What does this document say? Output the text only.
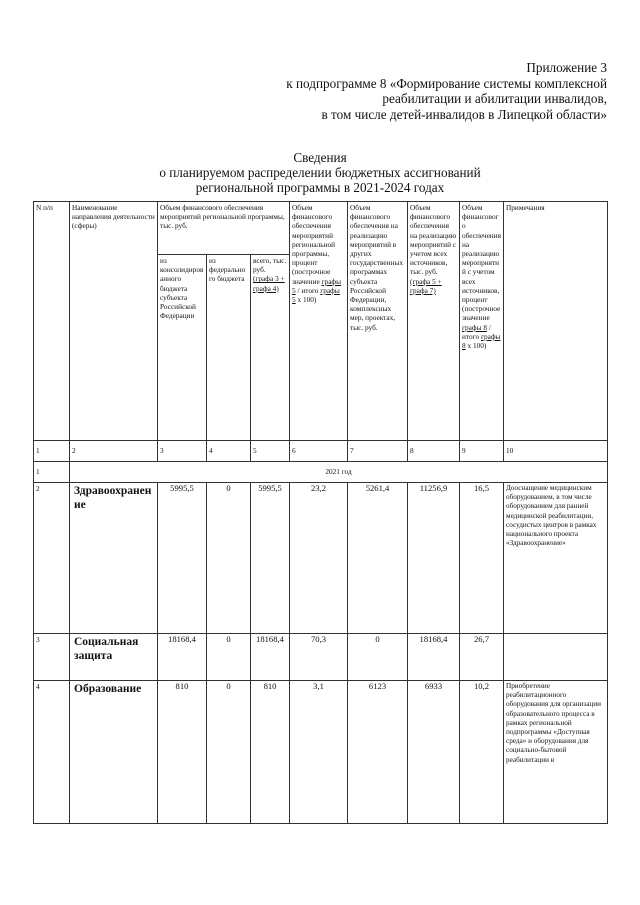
Приложение 3
к подпрограмме 8 «Формирование системы комплексной
реабилитации и абилитации инвалидов,
в том числе детей-инвалидов в Липецкой области»
Сведения
о планируемом распределении бюджетных ассигнований
региональной программы в 2021-2024 годах
N п/п	Наименование направления деятельности (сферы)	Объем финансового обеспечения мероприятий региональной программы, тыс. руб.			Объем финансового обеспечения мероприятий региональной программы, процент (построчное значение графы 5 / итого графы 5 х 100)	Объем финансового обеспечения на реализацию мероприятий в других государственных программах субъекта Российской Федерации, комплексных мер, проектах, тыс. руб.	Объем финансового обеспечения на реализацию мероприятий с учетом всех источников, тыс. руб. (графа 5 + графа 7)	Объем финансового обеспечения на реализацию мероприятий с учетом всех источников, процент (построчное значение графы 8 / итого графы 8 х 100)	Примечания
		из консолидированного бюджета субъекта Российской Федерации	из федерального бюджета	всего, тыс. руб. (графа 3 + графа 4)					
1	2	3	4	5	6	7	8	9	10
1	2021 год								
2	Здравоохранение	5995,5	0	5995,5	23,2	5261,4	11256,9	16,5	Дооснащение медицинским оборудованием, в том числе оборудованием для ранней медицинской реабилитации, сосудистых центров в рамках национального проекта «Здравоохранение»
3	Социальная защита	18168,4	0	18168,4	70,3	0	18168,4	26,7	
4	Образование	810	0	810	3,1	6123	6933	10,2	Приобретение реабилитационного оборудования для организации образовательного процесса в рамках региональной подпрограммы «Доступная среда» и оборудования для социально-бытовой реабилитации в
